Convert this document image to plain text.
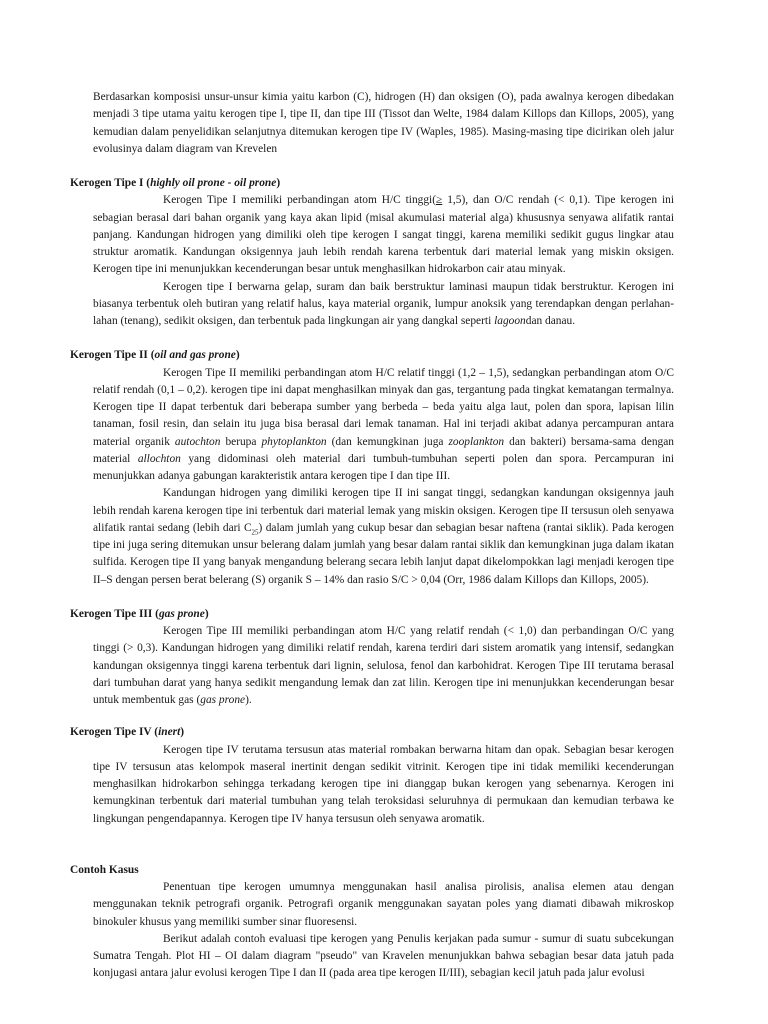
Berdasarkan komposisi unsur-unsur kimia yaitu karbon (C), hidrogen (H) dan oksigen (O), pada awalnya kerogen dibedakan menjadi 3 tipe utama yaitu kerogen tipe I, tipe II, dan tipe III (Tissot dan Welte, 1984 dalam Killops dan Killops, 2005), yang kemudian dalam penyelidikan selanjutnya ditemukan kerogen tipe IV (Waples, 1985). Masing-masing tipe dicirikan oleh jalur evolusinya dalam diagram van Krevelen

Kerogen Tipe I (highly oil prone - oil prone)

Kerogen Tipe I memiliki perbandingan atom H/C tinggi(≥ 1,5), dan O/C rendah (< 0,1). Tipe kerogen ini sebagian berasal dari bahan organik yang kaya akan lipid (misal akumulasi material alga) khususnya senyawa alifatik rantai panjang. Kandungan hidrogen yang dimiliki oleh tipe kerogen I sangat tinggi, karena memiliki sedikit gugus lingkar atau struktur aromatik. Kandungan oksigennya jauh lebih rendah karena terbentuk dari material lemak yang miskin oksigen. Kerogen tipe ini menunjukkan kecenderungan besar untuk menghasilkan hidrokarbon cair atau minyak.

Kerogen tipe I berwarna gelap, suram dan baik berstruktur laminasi maupun tidak berstruktur. Kerogen ini biasanya terbentuk oleh butiran yang relatif halus, kaya material organik, lumpur anoksik yang terendapkan dengan perlahan-lahan (tenang), sedikit oksigen, dan terbentuk pada lingkungan air yang dangkal seperti lagoondan danau.

Kerogen Tipe II (oil and gas prone)

Kerogen Tipe II memiliki perbandingan atom H/C relatif tinggi (1,2 – 1,5), sedangkan perbandingan atom O/C relatif rendah (0,1 – 0,2). kerogen tipe ini dapat menghasilkan minyak dan gas, tergantung pada tingkat kematangan termalnya. Kerogen tipe II dapat terbentuk dari beberapa sumber yang berbeda – beda yaitu alga laut, polen dan spora, lapisan lilin tanaman, fosil resin, dan selain itu juga bisa berasal dari lemak tanaman. Hal ini terjadi akibat adanya percampuran antara material organik autochton berupa phytoplankton (dan kemungkinan juga zooplankton dan bakteri) bersama-sama dengan material allochton yang didominasi oleh material dari tumbuh-tumbuhan seperti polen dan spora. Percampuran ini menunjukkan adanya gabungan karakteristik antara kerogen tipe I dan tipe III.

Kandungan hidrogen yang dimiliki kerogen tipe II ini sangat tinggi, sedangkan kandungan oksigennya jauh lebih rendah karena kerogen tipe ini terbentuk dari material lemak yang miskin oksigen. Kerogen tipe II tersusun oleh senyawa alifatik rantai sedang (lebih dari $C_{25}$) dalam jumlah yang cukup besar dan sebagian besar naftena (rantai siklik). Pada kerogen tipe ini juga sering ditemukan unsur belerang dalam jumlah yang besar dalam rantai siklik dan kemungkinan juga dalam ikatan sulfida. Kerogen tipe II yang banyak mengandung belerang secara lebih lanjut dapat dikelompokkan lagi menjadi kerogen tipe II–S dengan persen berat belerang (S) organik S – 14% dan rasio S/C > 0,04 (Orr, 1986 dalam Killops dan Killops, 2005).

Kerogen Tipe III (gas prone)

Kerogen Tipe III memiliki perbandingan atom H/C yang relatif rendah (< 1,0) dan perbandingan O/C yang tinggi (> 0,3). Kandungan hidrogen yang dimiliki relatif rendah, karena terdiri dari sistem aromatik yang intensif, sedangkan kandungan oksigennya tinggi karena terbentuk dari lignin, selulosa, fenol dan karbohidrat. Kerogen Tipe III terutama berasal dari tumbuhan darat yang hanya sedikit mengandung lemak dan zat lilin. Kerogen tipe ini menunjukkan kecenderungan besar untuk membentuk gas (gas prone).

Kerogen Tipe IV (inert)

Kerogen tipe IV terutama tersusun atas material rombakan berwarna hitam dan opak. Sebagian besar kerogen tipe IV tersusun atas kelompok maseral inertinit dengan sedikit vitrinit. Kerogen tipe ini tidak memiliki kecenderungan menghasilkan hidrokarbon sehingga terkadang kerogen tipe ini dianggap bukan kerogen yang sebenarnya. Kerogen ini kemungkinan terbentuk dari material tumbuhan yang telah teroksidasi seluruhnya di permukaan dan kemudian terbawa ke lingkungan pengendapannya. Kerogen tipe IV hanya tersusun oleh senyawa aromatik.

Contoh Kasus

Penentuan tipe kerogen umumnya menggunakan hasil analisa pirolisis, analisa elemen atau dengan menggunakan teknik petrografi organik. Petrografi organik menggunakan sayatan poles yang diamati dibawah mikroskop binokuler khusus yang memiliki sumber sinar fluoresensi.

Berikut adalah contoh evaluasi tipe kerogen yang Penulis kerjakan pada sumur - sumur di suatu subcekungan Sumatra Tengah. Plot HI – OI dalam diagram "pseudo" van Kravelen menunjukkan bahwa sebagian besar data jatuh pada konjugasi antara jalur evolusi kerogen Tipe I dan II (pada area tipe kerogen II/III), sebagian kecil jatuh pada jalur evolusi
